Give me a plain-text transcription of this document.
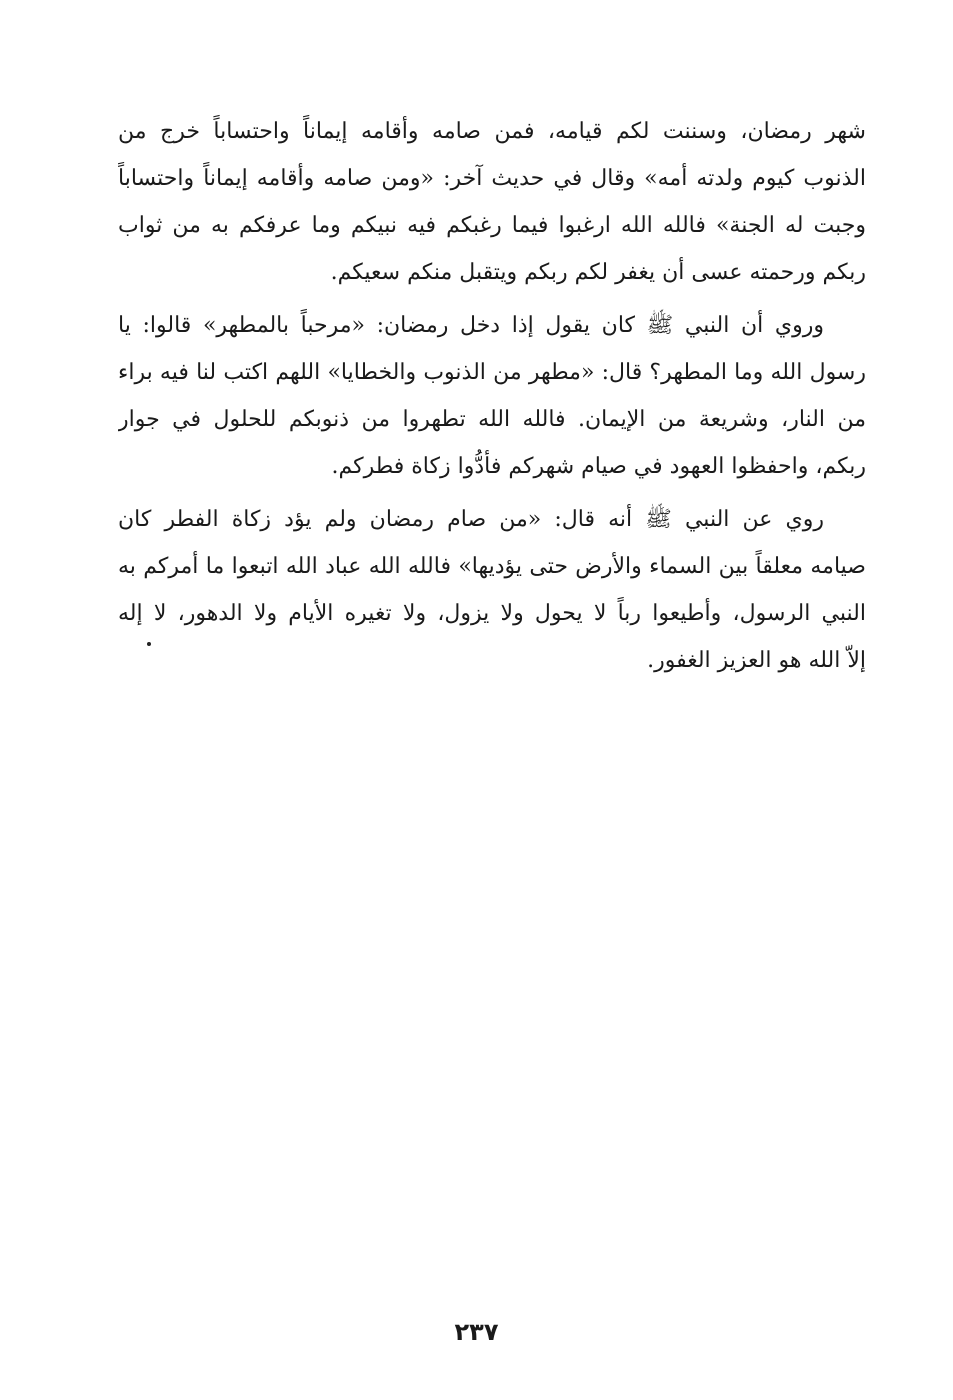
شهر رمضان، وسننت لكم قيامه، فمن صامه وأقامه إيماناً واحتساباً خرج من
الذنوب كيوم ولدته أمه» وقال في حديث آخر: «ومن صامه وأقامه إيماناً واحتساباً
وجبت له الجنة» فالله الله ارغبوا فيما رغبكم فيه نبيكم وما عرفكم به من ثواب
ربكم ورحمته عسى أن يغفر لكم ربكم ويتقبل منكم سعيكم.

وروي أن النبي ﷺ كان يقول إذا دخل رمضان: «مرحباً بالمطهر» قالوا: يا
رسول الله وما المطهر؟ قال: «مطهر من الذنوب والخطايا» اللهم اكتب لنا فيه براء
من النار، وشريعة من الإيمان. فالله الله تطهروا من ذنوبكم للحلول في جوار
ربكم، واحفظوا العهود في صيام شهركم فأدُّوا زكاة فطركم.

روي عن النبي ﷺ أنه قال: «من صام رمضان ولم يؤد زكاة الفطر كان
صيامه معلقاً بين السماء والأرض حتى يؤديها» فالله الله عباد الله اتبعوا ما أمركم به
النبي الرسول، وأطيعوا رباً لا يحول ولا يزول، ولا تغيره الأيام ولا الدهور، لا إله
إلاّ الله هو العزيز الغفور.

٢٣٧
